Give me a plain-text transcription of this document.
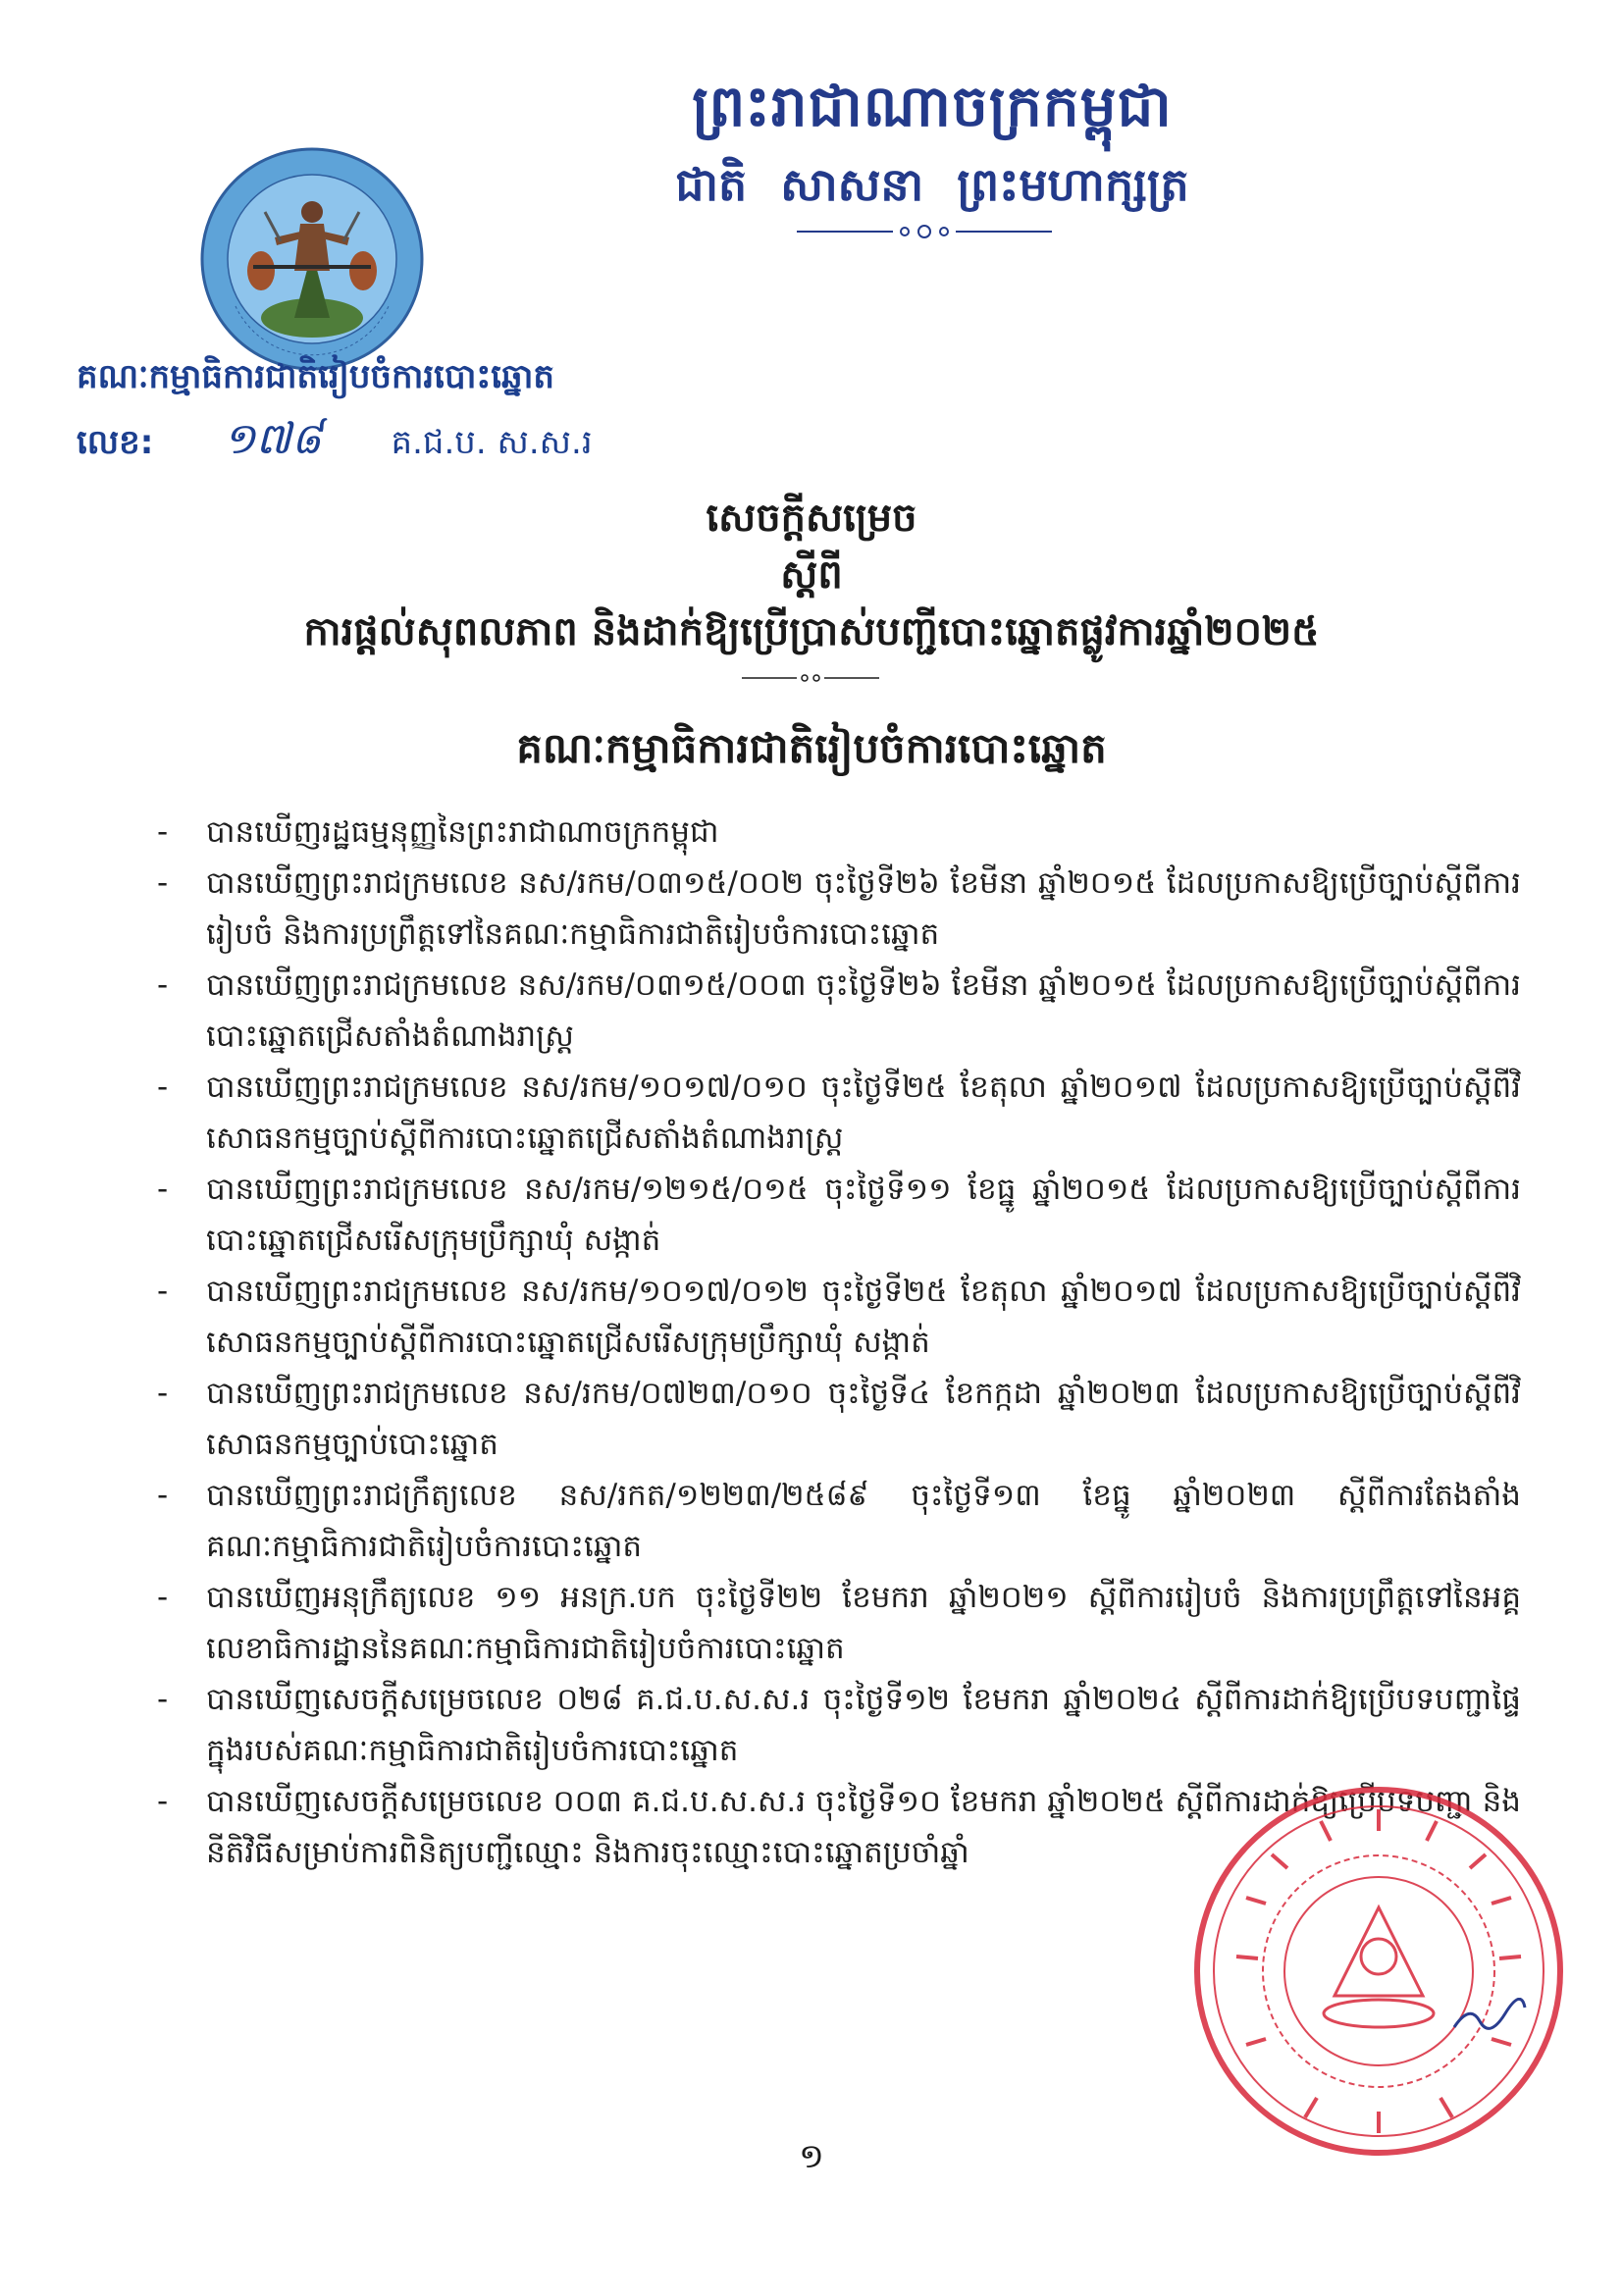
ព្រះរាជាណាចក្រកម្ពុជា
ជាតិ សាសនា ព្រះមហាក្សត្រ
គណៈកម្មាធិការជាតិរៀបចំការបោះឆ្នោត
លេខ: ១៧៨ គ.ជ.ប. ស.ស.រ
សេចក្តីសម្រេច
ស្តីពី
ការផ្តល់សុពលភាព និងដាក់ឱ្យប្រើប្រាស់បញ្ជីបោះឆ្នោតផ្លូវការឆ្នាំ២០២៥
គណៈកម្មាធិការជាតិរៀបចំការបោះឆ្នោត
- បានឃើញរដ្ឋធម្មនុញ្ញនៃព្រះរាជាណាចក្រកម្ពុជា
- បានឃើញព្រះរាជក្រមលេខ នស/រកម/០៣១៥/០០២ ចុះថ្ងៃទី២៦ ខែមីនា ឆ្នាំ២០១៥ ដែលប្រកាសឱ្យប្រើច្បាប់ស្តីពីការរៀបចំ និងការប្រព្រឹត្តទៅនៃគណៈកម្មាធិការជាតិរៀបចំការបោះឆ្នោត
- បានឃើញព្រះរាជក្រមលេខ នស/រកម/០៣១៥/០០៣ ចុះថ្ងៃទី២៦ ខែមីនា ឆ្នាំ២០១៥ ដែលប្រកាសឱ្យប្រើច្បាប់ស្តីពីការបោះឆ្នោតជ្រើសតាំងតំណាងរាស្ត្រ
- បានឃើញព្រះរាជក្រមលេខ នស/រកម/១០១៧/០១០ ចុះថ្ងៃទី២៥ ខែតុលា ឆ្នាំ២០១៧ ដែលប្រកាសឱ្យប្រើច្បាប់ស្តីពីវិសោធនកម្មច្បាប់ស្តីពីការបោះឆ្នោតជ្រើសតាំងតំណាងរាស្ត្រ
- បានឃើញព្រះរាជក្រមលេខ នស/រកម/១២១៥/០១៥ ចុះថ្ងៃទី១១ ខែធ្នូ ឆ្នាំ២០១៥ ដែលប្រកាសឱ្យប្រើច្បាប់ស្តីពីការបោះឆ្នោតជ្រើសរើសក្រុមប្រឹក្សាឃុំ សង្កាត់
- បានឃើញព្រះរាជក្រមលេខ នស/រកម/១០១៧/០១២ ចុះថ្ងៃទី២៥ ខែតុលា ឆ្នាំ២០១៧ ដែលប្រកាសឱ្យប្រើច្បាប់ស្តីពីវិសោធនកម្មច្បាប់ស្តីពីការបោះឆ្នោតជ្រើសរើសក្រុមប្រឹក្សាឃុំ សង្កាត់
- បានឃើញព្រះរាជក្រមលេខ នស/រកម/០៧២៣/០១០ ចុះថ្ងៃទី៤ ខែកក្កដា ឆ្នាំ២០២៣ ដែលប្រកាសឱ្យប្រើច្បាប់ស្តីពីវិសោធនកម្មច្បាប់បោះឆ្នោត
- បានឃើញព្រះរាជក្រឹត្យលេខ នស/រកត/១២២៣/២៥៨៩ ចុះថ្ងៃទី១៣ ខែធ្នូ ឆ្នាំ២០២៣ ស្តីពីការតែងតាំងគណៈកម្មាធិការជាតិរៀបចំការបោះឆ្នោត
- បានឃើញអនុក្រឹត្យលេខ ១១ អនក្រ.បក ចុះថ្ងៃទី២២ ខែមករា ឆ្នាំ២០២១ ស្តីពីការរៀបចំ និងការប្រព្រឹត្តទៅនៃអគ្គលេខាធិការដ្ឋាននៃគណៈកម្មាធិការជាតិរៀបចំការបោះឆ្នោត
- បានឃើញសេចក្តីសម្រេចលេខ ០២៨ គ.ជ.ប.ស.ស.រ ចុះថ្ងៃទី១២ ខែមករា ឆ្នាំ២០២៤ ស្តីពីការដាក់ឱ្យប្រើបទបញ្ជាផ្ទៃក្នុងរបស់គណៈកម្មាធិការជាតិរៀបចំការបោះឆ្នោត
- បានឃើញសេចក្តីសម្រេចលេខ ០០៣ គ.ជ.ប.ស.ស.រ ចុះថ្ងៃទី១០ ខែមករា ឆ្នាំ២០២៥ ស្តីពីការដាក់ឱ្យប្រើបទបញ្ជា និងនីតិវិធីសម្រាប់ការពិនិត្យបញ្ជីឈ្មោះ និងការចុះឈ្មោះបោះឆ្នោតប្រចាំឆ្នាំ
១
